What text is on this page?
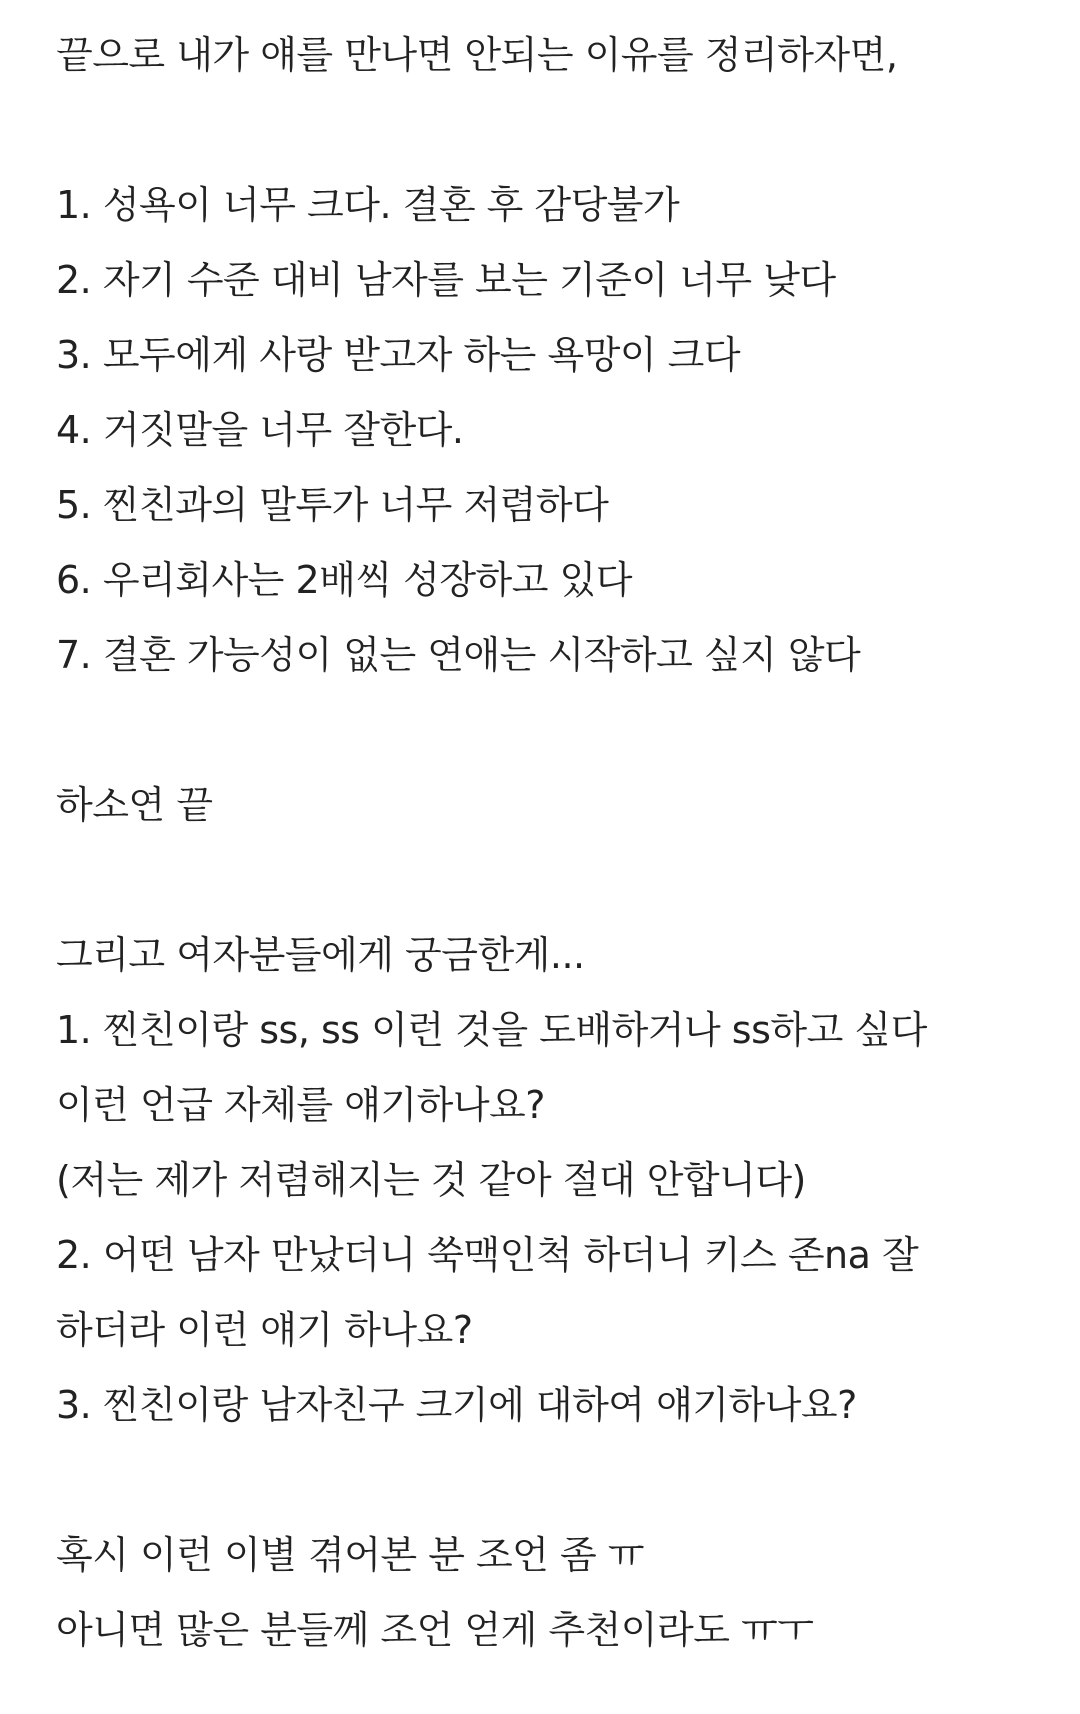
끝으로 내가 얘를 만나면 안되는 이유를 정리하자면,
1. 성욕이 너무 크다. 결혼 후 감당불가
2. 자기 수준 대비 남자를 보는 기준이 너무 낮다
3. 모두에게 사랑 받고자 하는 욕망이 크다
4. 거짓말을 너무 잘한다.
5. 찐친과의 말투가 너무 저렴하다
6. 우리회사는 2배씩 성장하고 있다
7. 결혼 가능성이 없는 연애는 시작하고 싶지 않다
하소연 끝
그리고 여자분들에게 궁금한게...
1. 찐친이랑 ss, ss 이런 것을 도배하거나 ss하고 싶다
이런 언급 자체를 얘기하나요?
(저는 제가 저렴해지는 것 같아 절대 안합니다)
2. 어떤 남자 만났더니 쑥맥인척 하더니 키스 존na 잘
하더라 이런 얘기 하나요?
3. 찐친이랑 남자친구 크기에 대하여 얘기하나요?
혹시 이런 이별 겪어본 분 조언 좀 ㅠ
아니면 많은 분들께 조언 얻게 추천이라도 ㅠㅜ
